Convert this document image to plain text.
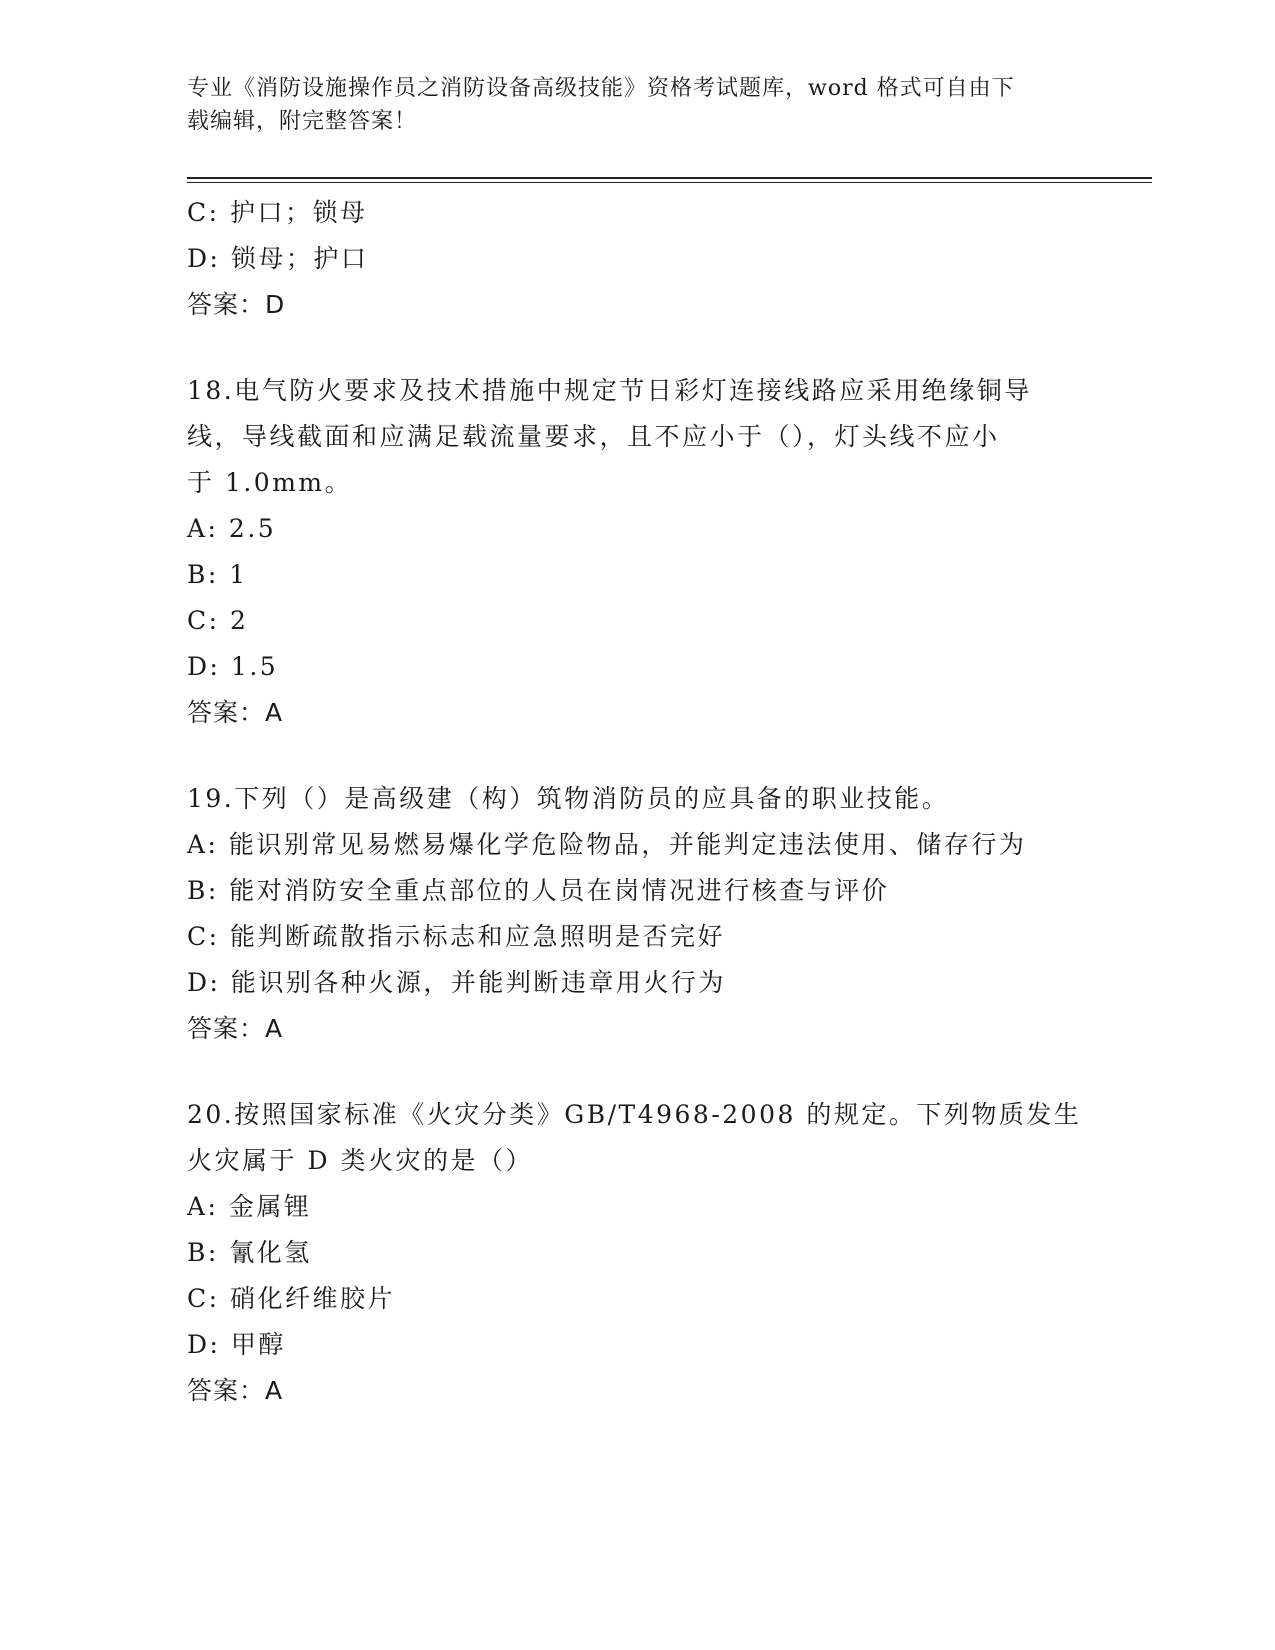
专业《消防设施操作员之消防设备高级技能》资格考试题库，word 格式可自由下
载编辑，附完整答案！

C: 护口；锁母

D: 锁母；护口

答案：D

18.电气防火要求及技术措施中规定节日彩灯连接线路应采用绝缘铜导

线，导线截面和应满足载流量要求，且不应小于（），灯头线不应小

于 1.0mm。

A: 2.5

B: 1

C: 2

D: 1.5

答案：A

19.下列（）是高级建（构）筑物消防员的应具备的职业技能。

A: 能识别常见易燃易爆化学危险物品，并能判定违法使用、储存行为

B: 能对消防安全重点部位的人员在岗情况进行核查与评价

C: 能判断疏散指示标志和应急照明是否完好

D: 能识别各种火源，并能判断违章用火行为

答案：A

20.按照国家标准《火灾分类》GB/T4968-2008 的规定。下列物质发生

火灾属于 D 类火灾的是（）

A: 金属锂

B: 氰化氢

C: 硝化纤维胶片

D: 甲醇

答案：A
